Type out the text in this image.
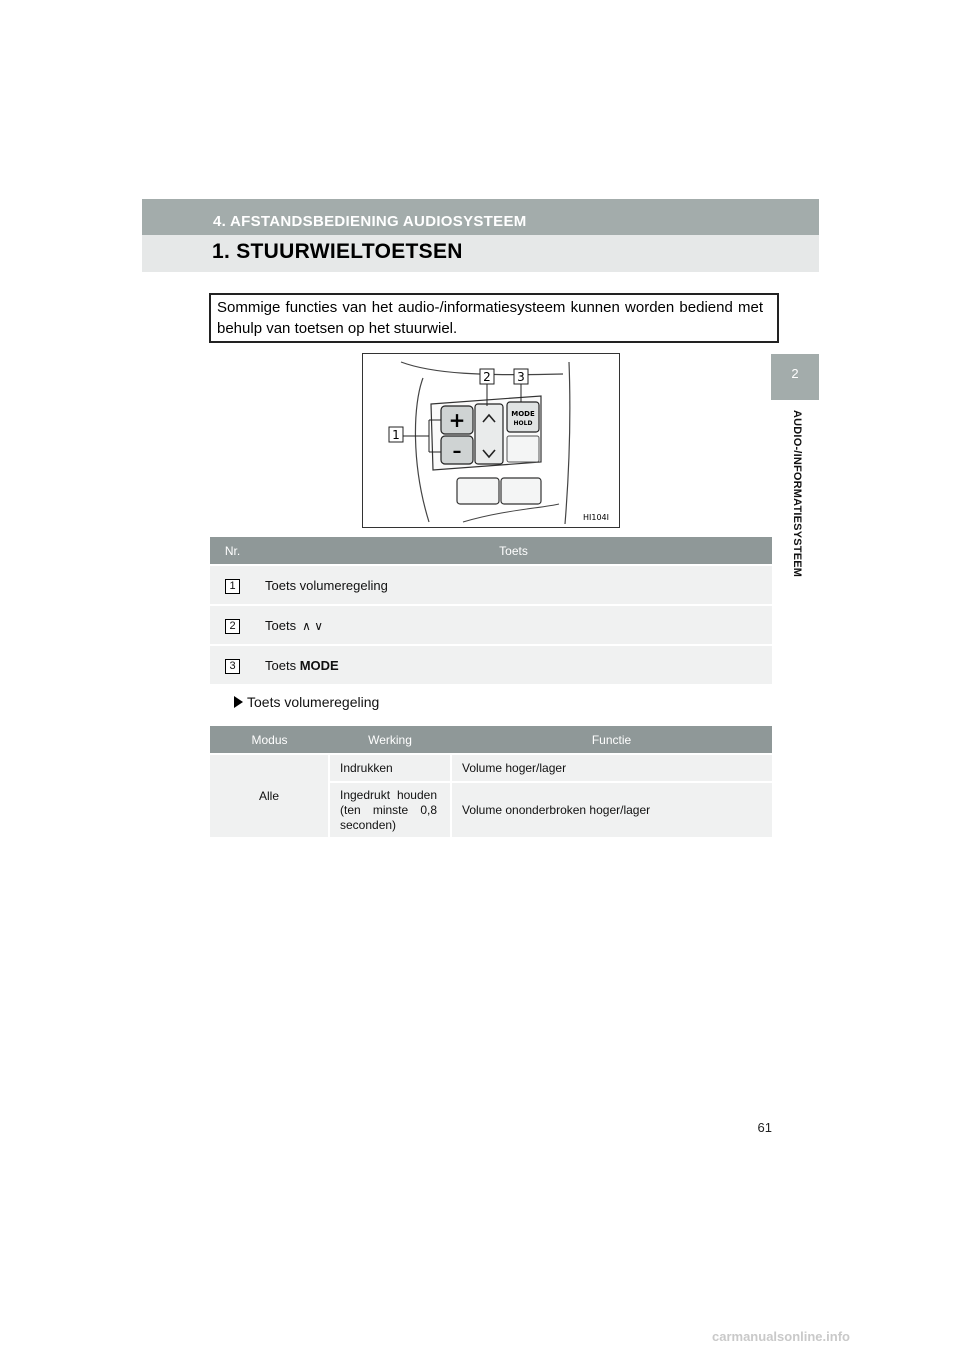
4. AFSTANDSBEDIENING AUDIOSYSTEEM
1. STUURWIELTOETSEN
2
AUDIO-/INFORMATIESYSTEEM

Sommige functies van het audio-/informatiesysteem kunnen worden bediend met behulp van toetsen op het stuurwiel.

+
–
MODE
HOLD
1
2 3
HI104I
Nr.	Toets
1	Toets volumeregeling
2	Toets ∧ ∨
3	Toets MODE
Toets volumeregeling
Modus	Werking	Functie
Alle	Indrukken	Volume hoger/lager

	Ingedrukt houden (ten minste 0,8 seconden)	Volume ononderbroken hoger/lager
61
carmanualsonline.info
